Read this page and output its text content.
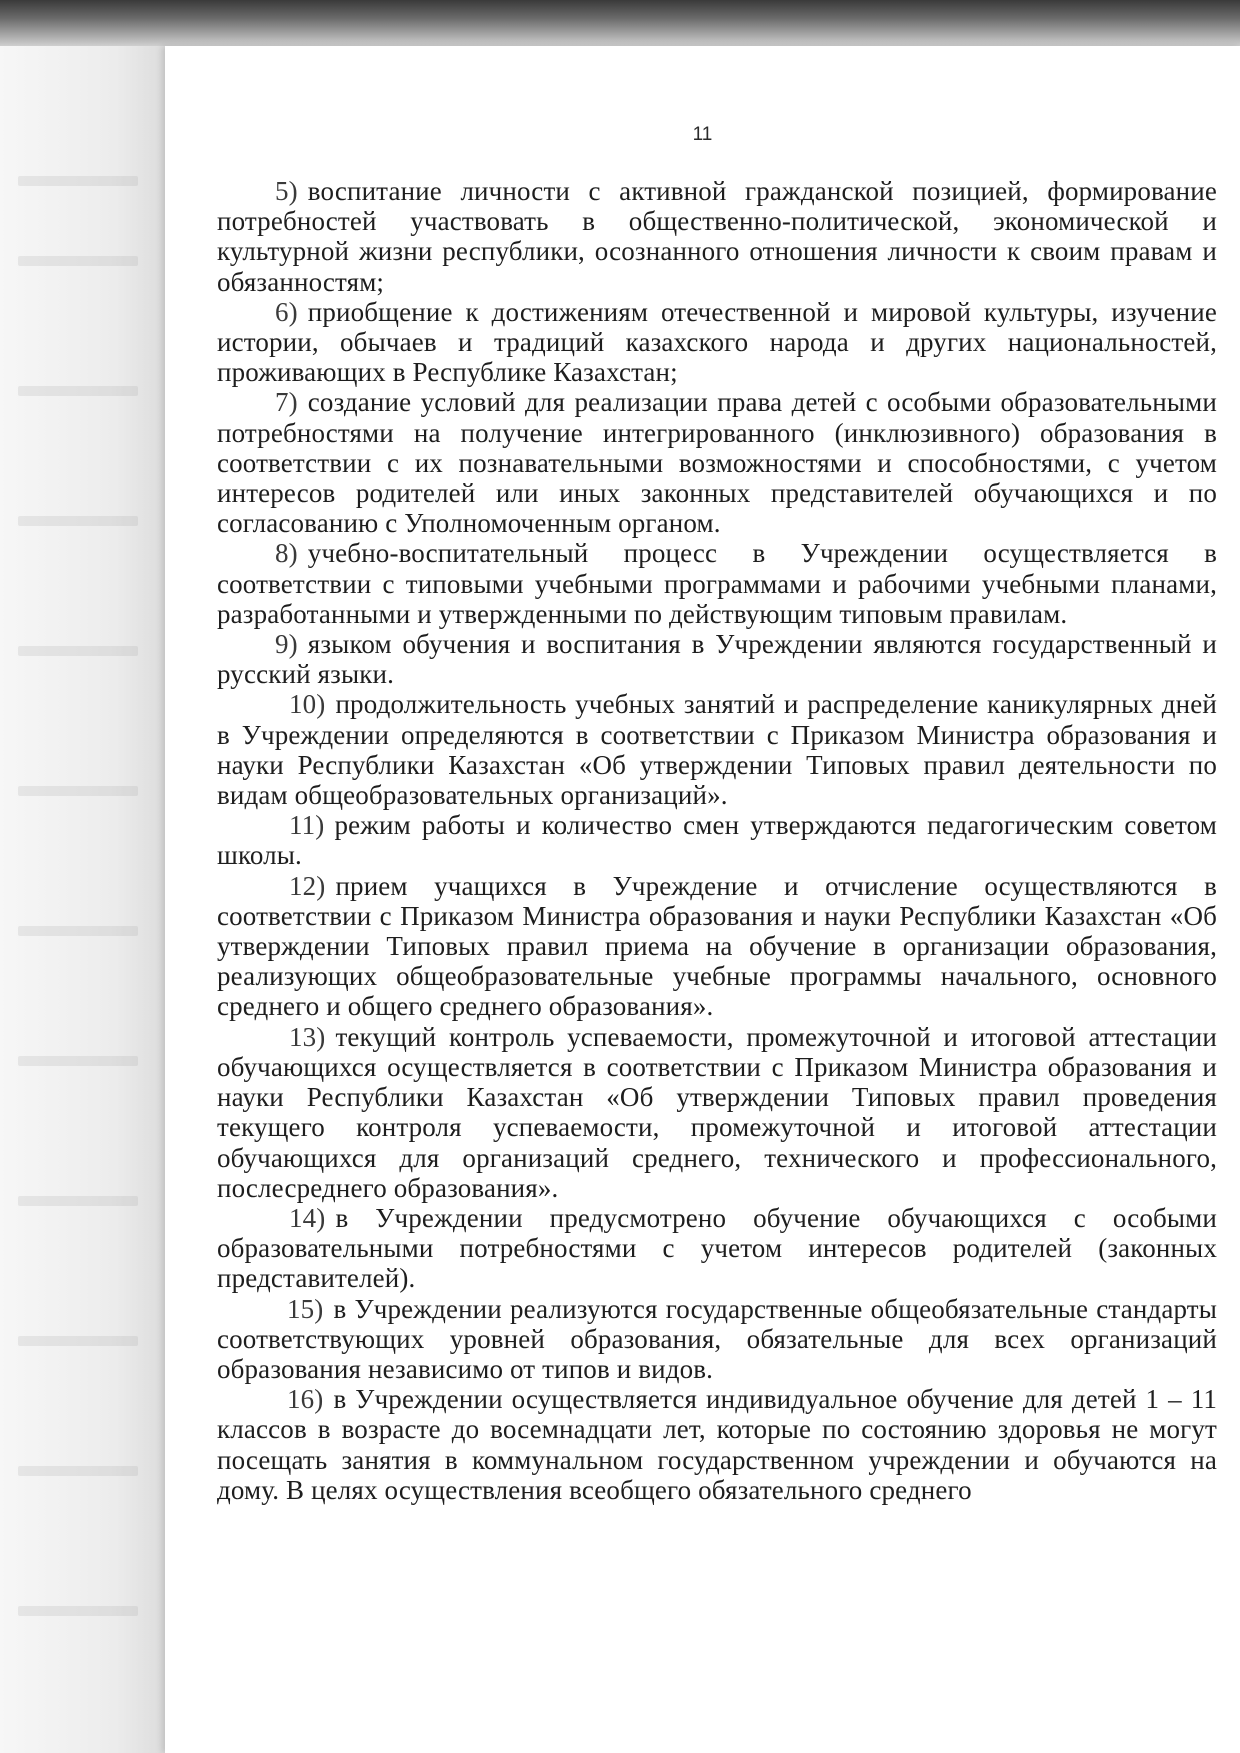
11

5) воспитание личности с активной гражданской позицией, формирование потребностей участвовать в общественно-политической, экономической и культурной жизни республики, осознанного отношения личности к своим правам и обязанностям;

6) приобщение к достижениям отечественной и мировой культуры, изучение истории, обычаев и традиций казахского народа и других национальностей, проживающих в Республике Казахстан;

7) создание условий для реализации права детей с особыми образовательными потребностями на получение интегрированного (инклюзивного) образования в соответствии с их познавательными возможностями и способностями, с учетом интересов родителей или иных законных представителей обучающихся и по согласованию с Уполномоченным органом.

8) учебно-воспитательный процесс в Учреждении осуществляется в соответствии с типовыми учебными программами и рабочими учебными планами, разработанными и утвержденными по действующим типовым правилам.

9) языком обучения и воспитания в Учреждении являются государственный и русский языки.

10) продолжительность учебных занятий и распределение каникулярных дней в Учреждении определяются в соответствии с Приказом Министра образования и науки Республики Казахстан «Об утверждении Типовых правил деятельности по видам общеобразовательных организаций».

11) режим работы и количество смен утверждаются педагогическим советом школы.

12) прием учащихся в Учреждение и отчисление осуществляются в соответствии с Приказом Министра образования и науки Республики Казахстан «Об утверждении Типовых правил приема на обучение в организации образования, реализующих общеобразовательные учебные программы начального, основного среднего и общего среднего образования».

13) текущий контроль успеваемости, промежуточной и итоговой аттестации обучающихся осуществляется в соответствии с Приказом Министра образования и науки Республики Казахстан «Об утверждении Типовых правил проведения текущего контроля успеваемости, промежуточной и итоговой аттестации обучающихся для организаций среднего, технического и профессионального, послесреднего образования».

14) в Учреждении предусмотрено обучение обучающихся с особыми образовательными потребностями с учетом интересов родителей (законных представителей).

15) в Учреждении реализуются государственные общеобязательные стандарты соответствующих уровней образования, обязательные для всех организаций образования независимо от типов и видов.

16) в Учреждении осуществляется индивидуальное обучение для детей 1 – 11 классов в возрасте до восемнадцати лет, которые по состоянию здоровья не могут посещать занятия в коммунальном государственном учреждении и обучаются на дому. В целях осуществления всеобщего обязательного среднего
